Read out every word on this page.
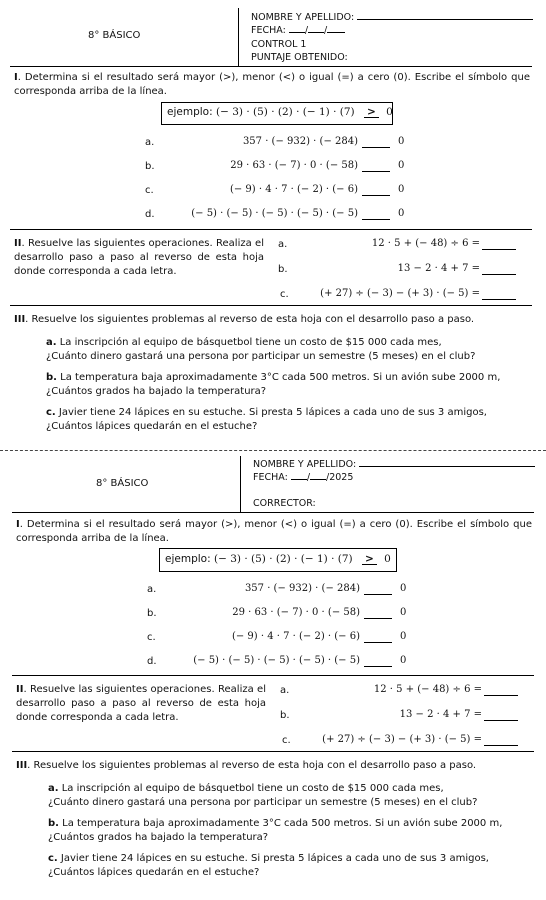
8° BÁSICO
NOMBRE Y APELLIDO:
FECHA: / /
CONTROL 1
PUNTAJE OBTENIDO:
I. Determina si el resultado será mayor (>), menor (<) o igual (=) a cero (0). Escribe el símbolo que corresponda arriba de la línea.
ejemplo: (− 3) · (5) · (2) · (− 1) · (7) > 0
a.	357 · (− 932) · (− 284)	0
b.	29 · 63 · (− 7) · 0 · (− 58)	0
c.	(− 9) · 4 · 7 · (− 2) · (− 6)	0
d.	(− 5) · (− 5) · (− 5) · (− 5) · (− 5)	0
II. Resuelve las siguientes operaciones. Realiza el desarrollo paso a paso al reverso de esta hoja donde corresponda a cada letra.
a.	12 · 5 + (− 48) ÷ 6 =
b.	13 − 2 · 4 + 7 =
c.	(+ 27) ÷ (− 3) − (+ 3) · (− 5) =
III. Resuelve los siguientes problemas al reverso de esta hoja con el desarrollo paso a paso.
a. La inscripción al equipo de básquetbol tiene un costo de $15 000 cada mes,
¿Cuánto dinero gastará una persona por participar un semestre (5 meses) en el club?
b. La temperatura baja aproximadamente 3°C cada 500 metros. Si un avión sube 2000 m,
¿Cuántos grados ha bajado la temperatura?
c. Javier tiene 24 lápices en su estuche. Si presta 5 lápices a cada uno de sus 3 amigos,
¿Cuántos lápices quedarán en el estuche?
8° BÁSICO
NOMBRE Y APELLIDO:
FECHA: / /2025
CORRECTOR:
I. Determina si el resultado será mayor (>), menor (<) o igual (=) a cero (0). Escribe el símbolo que corresponda arriba de la línea.
ejemplo: (− 3) · (5) · (2) · (− 1) · (7) > 0
a.	357 · (− 932) · (− 284)	0
b.	29 · 63 · (− 7) · 0 · (− 58)	0
c.	(− 9) · 4 · 7 · (− 2) · (− 6)	0
d.	(− 5) · (− 5) · (− 5) · (− 5) · (− 5)	0
II. Resuelve las siguientes operaciones. Realiza el desarrollo paso a paso al reverso de esta hoja donde corresponda a cada letra.
a.	12 · 5 + (− 48) ÷ 6 =
b.	13 − 2 · 4 + 7 =
c.	(+ 27) ÷ (− 3) − (+ 3) · (− 5) =
III. Resuelve los siguientes problemas al reverso de esta hoja con el desarrollo paso a paso.
a. La inscripción al equipo de básquetbol tiene un costo de $15 000 cada mes,
¿Cuánto dinero gastará una persona por participar un semestre (5 meses) en el club?
b. La temperatura baja aproximadamente 3°C cada 500 metros. Si un avión sube 2000 m,
¿Cuántos grados ha bajado la temperatura?
c. Javier tiene 24 lápices en su estuche. Si presta 5 lápices a cada uno de sus 3 amigos,
¿Cuántos lápices quedarán en el estuche?
